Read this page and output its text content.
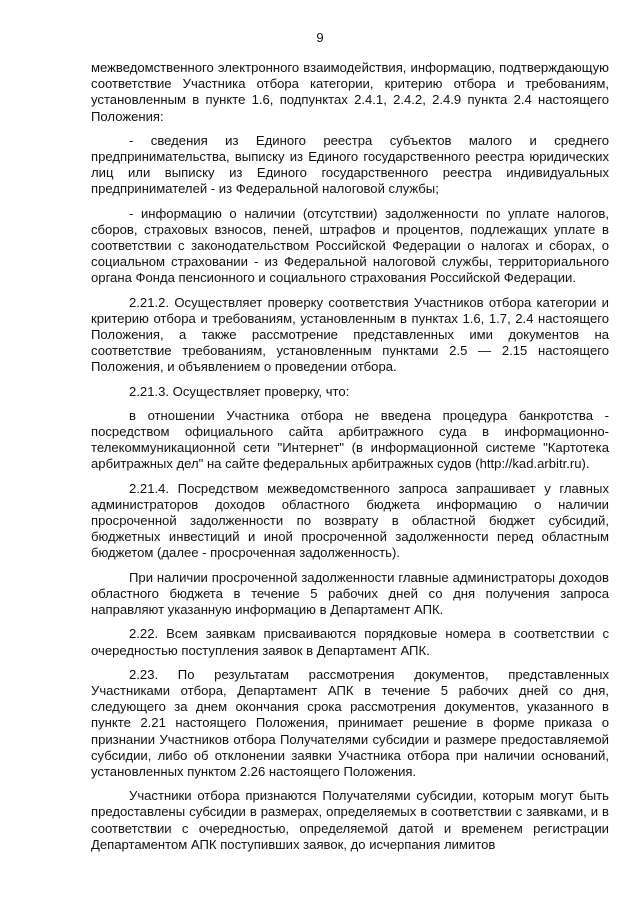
9

межведомственного электронного взаимодействия, информацию, подтверждающую соответствие Участника отбора категории, критерию отбора и требованиям, установленным в пункте 1.6, подпунктах 2.4.1, 2.4.2, 2.4.9 пункта 2.4 настоящего Положения:

- сведения из Единого реестра субъектов малого и среднего предпринимательства, выписку из Единого государственного реестра юридических лиц или выписку из Единого государственного реестра индивидуальных предпринимателей - из Федеральной налоговой службы;

- информацию о наличии (отсутствии) задолженности по уплате налогов, сборов, страховых взносов, пеней, штрафов и процентов, подлежащих уплате в соответствии с законодательством Российской Федерации о налогах и сборах, о социальном страховании - из Федеральной налоговой службы, территориального органа Фонда пенсионного и социального страхования Российской Федерации.

2.21.2. Осуществляет проверку соответствия Участников отбора категории и критерию отбора и требованиям, установленным в пунктах 1.6, 1.7, 2.4 настоящего Положения, а также рассмотрение представленных ими документов на соответствие требованиям, установленным пунктами 2.5 — 2.15 настоящего Положения, и объявлением о проведении отбора.

2.21.3. Осуществляет проверку, что:

в отношении Участника отбора не введена процедура банкротства - посредством официального сайта арбитражного суда в информационно-телекоммуникационной сети "Интернет" (в информационной системе "Картотека арбитражных дел" на сайте федеральных арбитражных судов (http://kad.arbitr.ru).

2.21.4. Посредством межведомственного запроса запрашивает у главных администраторов доходов областного бюджета информацию о наличии просроченной задолженности по возврату в областной бюджет субсидий, бюджетных инвестиций и иной просроченной задолженности перед областным бюджетом (далее - просроченная задолженность).

При наличии просроченной задолженности главные администраторы доходов областного бюджета в течение 5 рабочих дней со дня получения запроса направляют указанную информацию в Департамент АПК.

2.22. Всем заявкам присваиваются порядковые номера в соответствии с очередностью поступления заявок в Департамент АПК.

2.23. По результатам рассмотрения документов, представленных Участниками отбора, Департамент АПК в течение 5 рабочих дней со дня, следующего за днем окончания срока рассмотрения документов, указанного в пункте 2.21 настоящего Положения, принимает решение в форме приказа о признании Участников отбора Получателями субсидии и размере предоставляемой субсидии, либо об отклонении заявки Участника отбора при наличии оснований, установленных пунктом 2.26 настоящего Положения.

Участники отбора признаются Получателями субсидии, которым могут быть предоставлены субсидии в размерах, определяемых в соответствии с заявками, и в соответствии с очередностью, определяемой датой и временем регистрации Департаментом АПК поступивших заявок, до исчерпания лимитов
